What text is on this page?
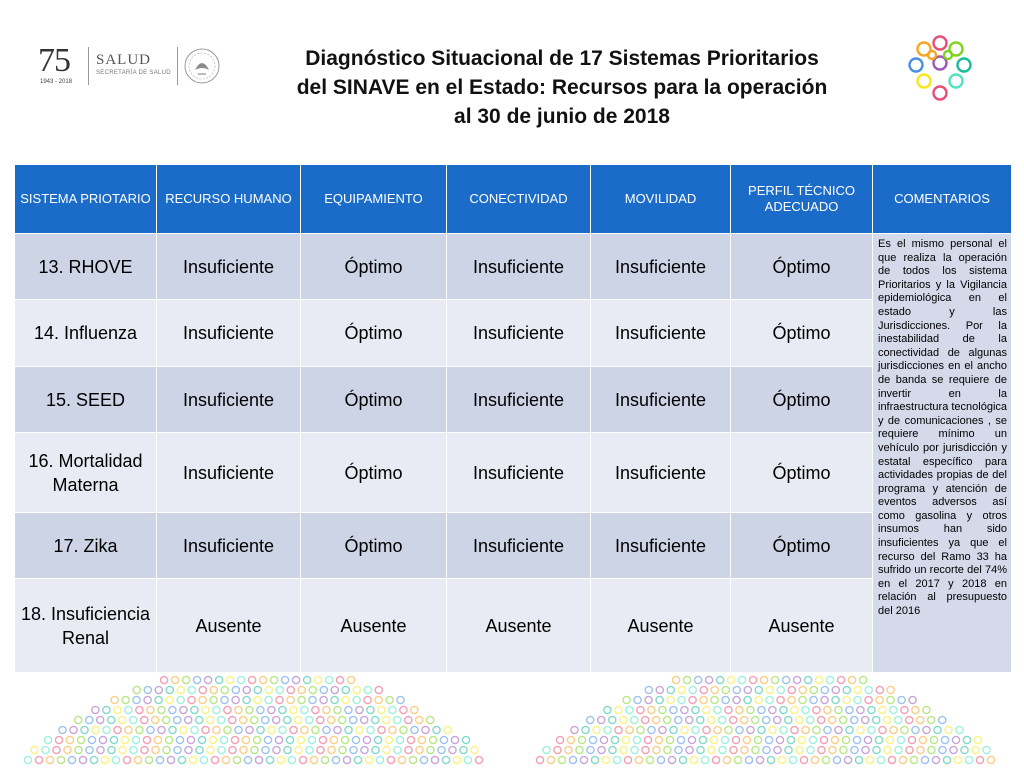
75
1943 - 2018
SALUD
SECRETARÍA DE SALUD
Diagnóstico Situacional de 17 Sistemas Prioritarios
del SINAVE en el Estado: Recursos para la operación
al 30 de junio de 2018
SISTEMA PRIOTARIO	RECURSO HUMANO	EQUIPAMIENTO	CONECTIVIDAD	MOVILIDAD	PERFIL TÉCNICO ADECUADO	COMENTARIOS
13. RHOVE	Insuficiente	Óptimo	Insuficiente	Insuficiente	Óptimo	Es el mismo personal el que realiza la operación de todos los sistema Prioritarios y la Vigilancia epidemiológica en el estado y las Jurisdicciones. Por la inestabilidad de la conectividad de algunas jurisdicciones en el ancho de banda se requiere de invertir en la infraestructura tecnológica y de comunicaciones , se requiere mínimo un vehículo por jurisdicción y estatal específico para actividades propias de del programa y atención de eventos adversos así como gasolina y otros insumos han sido insuficientes ya que el recurso del Ramo 33 ha sufrido un recorte del 74% en el 2017 y 2018 en relación al presupuesto del 2016
14. Influenza	Insuficiente	Óptimo	Insuficiente	Insuficiente	Óptimo	
15. SEED	Insuficiente	Óptimo	Insuficiente	Insuficiente	Óptimo	
16. Mortalidad Materna	Insuficiente	Óptimo	Insuficiente	Insuficiente	Óptimo	
17. Zika	Insuficiente	Óptimo	Insuficiente	Insuficiente	Óptimo	
18. Insuficiencia Renal	Ausente	Ausente	Ausente	Ausente	Ausente	
